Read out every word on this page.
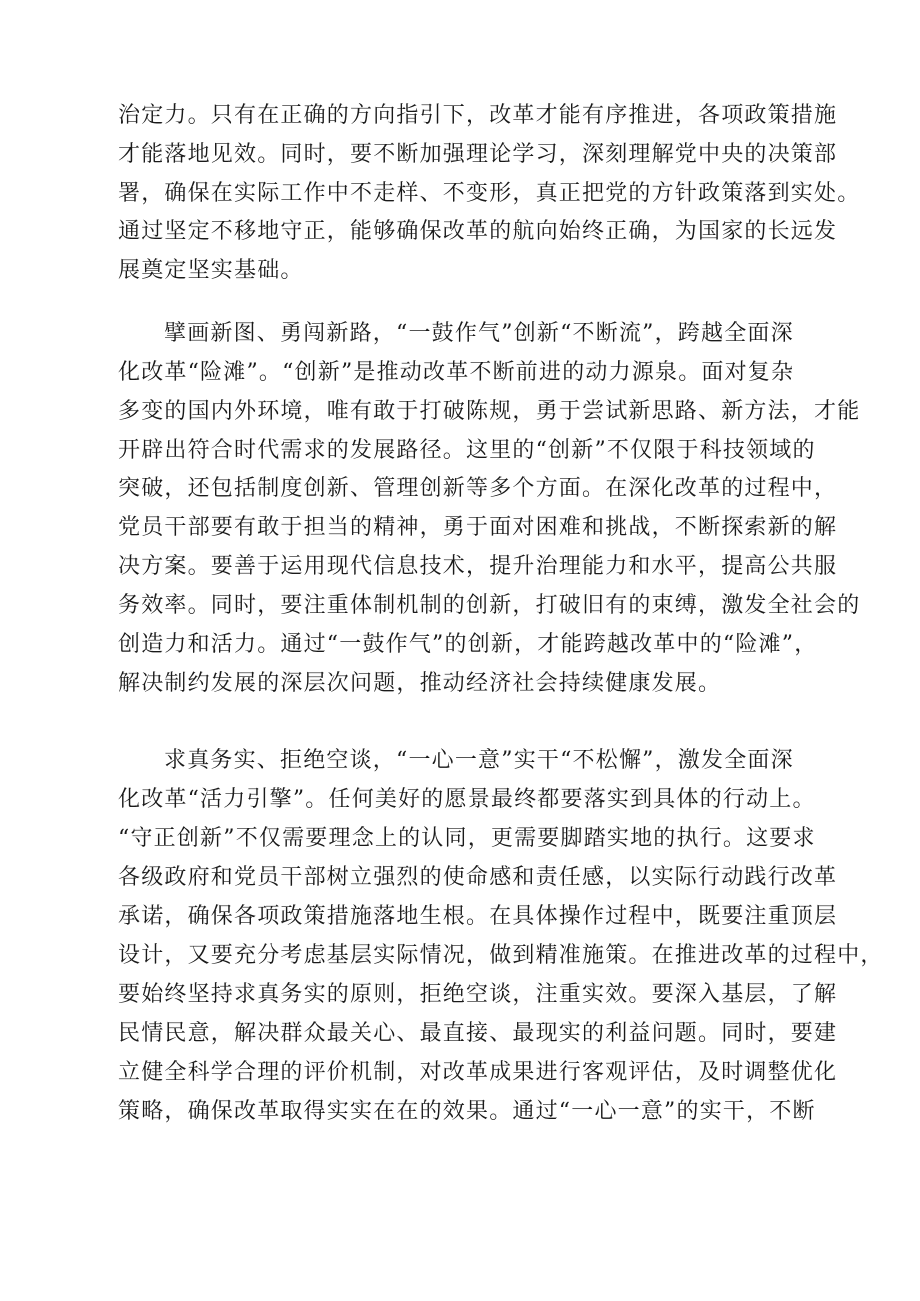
治定力。只有在正确的方向指引下，改革才能有序推进，各项政策措施
才能落地见效。同时，要不断加强理论学习，深刻理解党中央的决策部
署，确保在实际工作中不走样、不变形，真正把党的方针政策落到实处。
通过坚定不移地守正，能够确保改革的航向始终正确，为国家的长远发
展奠定坚实基础。
擘画新图、勇闯新路，“一鼓作气”创新“不断流”，跨越全面深
化改革“险滩”。“创新”是推动改革不断前进的动力源泉。面对复杂
多变的国内外环境，唯有敢于打破陈规，勇于尝试新思路、新方法，才能
开辟出符合时代需求的发展路径。这里的“创新”不仅限于科技领域的
突破，还包括制度创新、管理创新等多个方面。在深化改革的过程中，
党员干部要有敢于担当的精神，勇于面对困难和挑战，不断探索新的解
决方案。要善于运用现代信息技术，提升治理能力和水平，提高公共服
务效率。同时，要注重体制机制的创新，打破旧有的束缚，激发全社会的
创造力和活力。通过“一鼓作气”的创新，才能跨越改革中的“险滩”，
解决制约发展的深层次问题，推动经济社会持续健康发展。
求真务实、拒绝空谈，“一心一意”实干“不松懈”，激发全面深
化改革“活力引擎”。任何美好的愿景最终都要落实到具体的行动上。
“守正创新”不仅需要理念上的认同，更需要脚踏实地的执行。这要求
各级政府和党员干部树立强烈的使命感和责任感，以实际行动践行改革
承诺，确保各项政策措施落地生根。在具体操作过程中，既要注重顶层
设计，又要充分考虑基层实际情况，做到精准施策。在推进改革的过程中，
要始终坚持求真务实的原则，拒绝空谈，注重实效。要深入基层，了解
民情民意，解决群众最关心、最直接、最现实的利益问题。同时，要建
立健全科学合理的评价机制，对改革成果进行客观评估，及时调整优化
策略，确保改革取得实实在在的效果。通过“一心一意”的实干，不断
